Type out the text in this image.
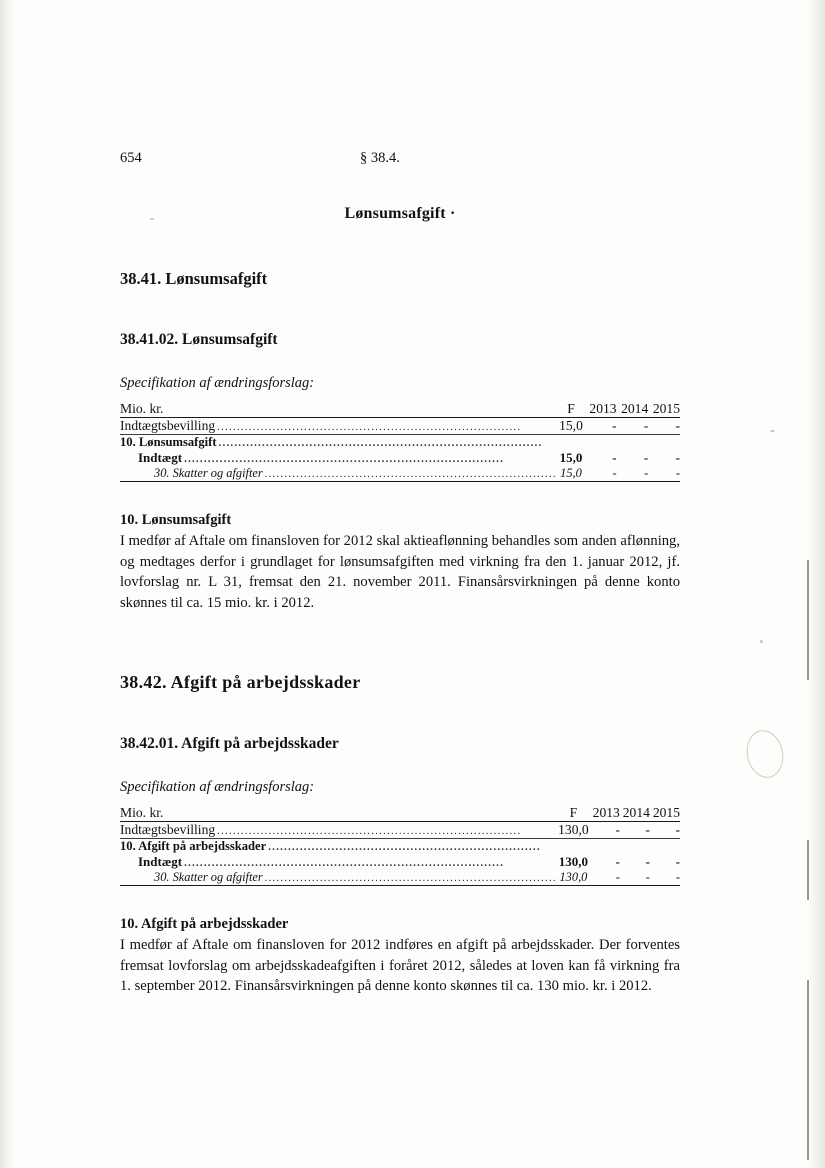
654	§ 38.4.
Lønsumsafgift ·
38.41. Lønsumsafgift
38.41.02. Lønsumsafgift
Specifikation af ændringsforslag:
Mio. kr.	F	2013	2014	2015
Indtægtsbevilling .............................................................................	15,0	-	-	-
10. Lønsumsafgift ..................................................................................				
Indtægt .................................................................................	15,0	-	-	-
30. Skatter og afgifter ..........................................................................	15,0	-	-	-
10. Lønsumsafgift

I medfør af Aftale om finansloven for 2012 skal aktieaflønning behandles som anden aflønning, og medtages derfor i grundlaget for lønsumsafgiften med virkning fra den 1. januar 2012, jf. lovforslag nr. L 31, fremsat den 21. november 2011. Finansårsvirkningen på denne konto skønnes til ca. 15 mio. kr. i 2012.

38.42. Afgift på arbejdsskader
38.42.01. Afgift på arbejdsskader
Specifikation af ændringsforslag:
Mio. kr.	F	2013	2014	2015
Indtægtsbevilling .............................................................................	130,0	-	-	-
10. Afgift på arbejdsskader .....................................................................				
Indtægt .................................................................................	130,0	-	-	-
30. Skatter og afgifter ..........................................................................	130,0	-	-	-
10. Afgift på arbejdsskader

I medfør af Aftale om finansloven for 2012 indføres en afgift på arbejdsskader. Der forventes fremsat lovforslag om arbejdsskadeafgiften i foråret 2012, således at loven kan få virkning fra 1. september 2012. Finansårsvirkningen på denne konto skønnes til ca. 130 mio. kr. i 2012.
